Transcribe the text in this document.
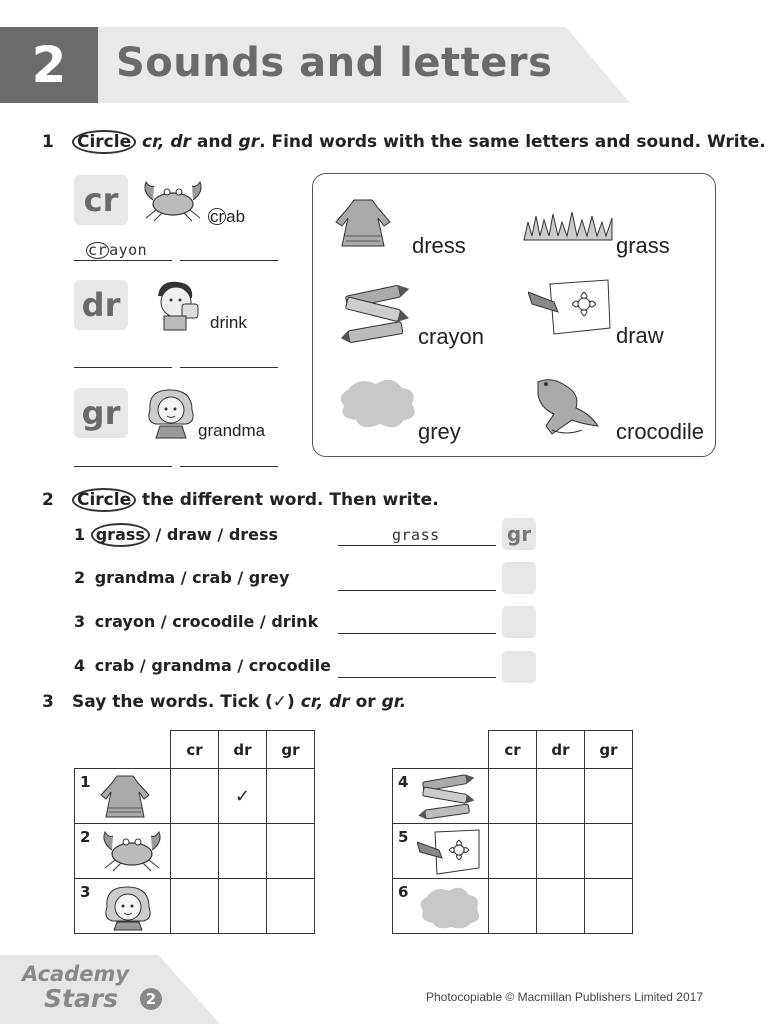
2	Sounds and letters
1 Circle cr, dr and gr. Find words with the same letters and sound. Write.
cr	cr ab
cr ayon
dr	drink
gr	grandma
dress	grass
crayon	draw
grey	crocodile
2 Circle the different word. Then write.
1 grass / draw / dress	grass	gr
2 grandma / crab / grey
3 crayon / crocodile / drink
4 crab / grandma / crocodile
3 Say the words. Tick (✓) cr, dr or gr.
	cr	dr	gr

1		✓	

2			

3			

	cr	dr	gr

4			

5			

6			

Academy
Stars	2	Photocopiable © Macmillan Publishers Limited 2017
